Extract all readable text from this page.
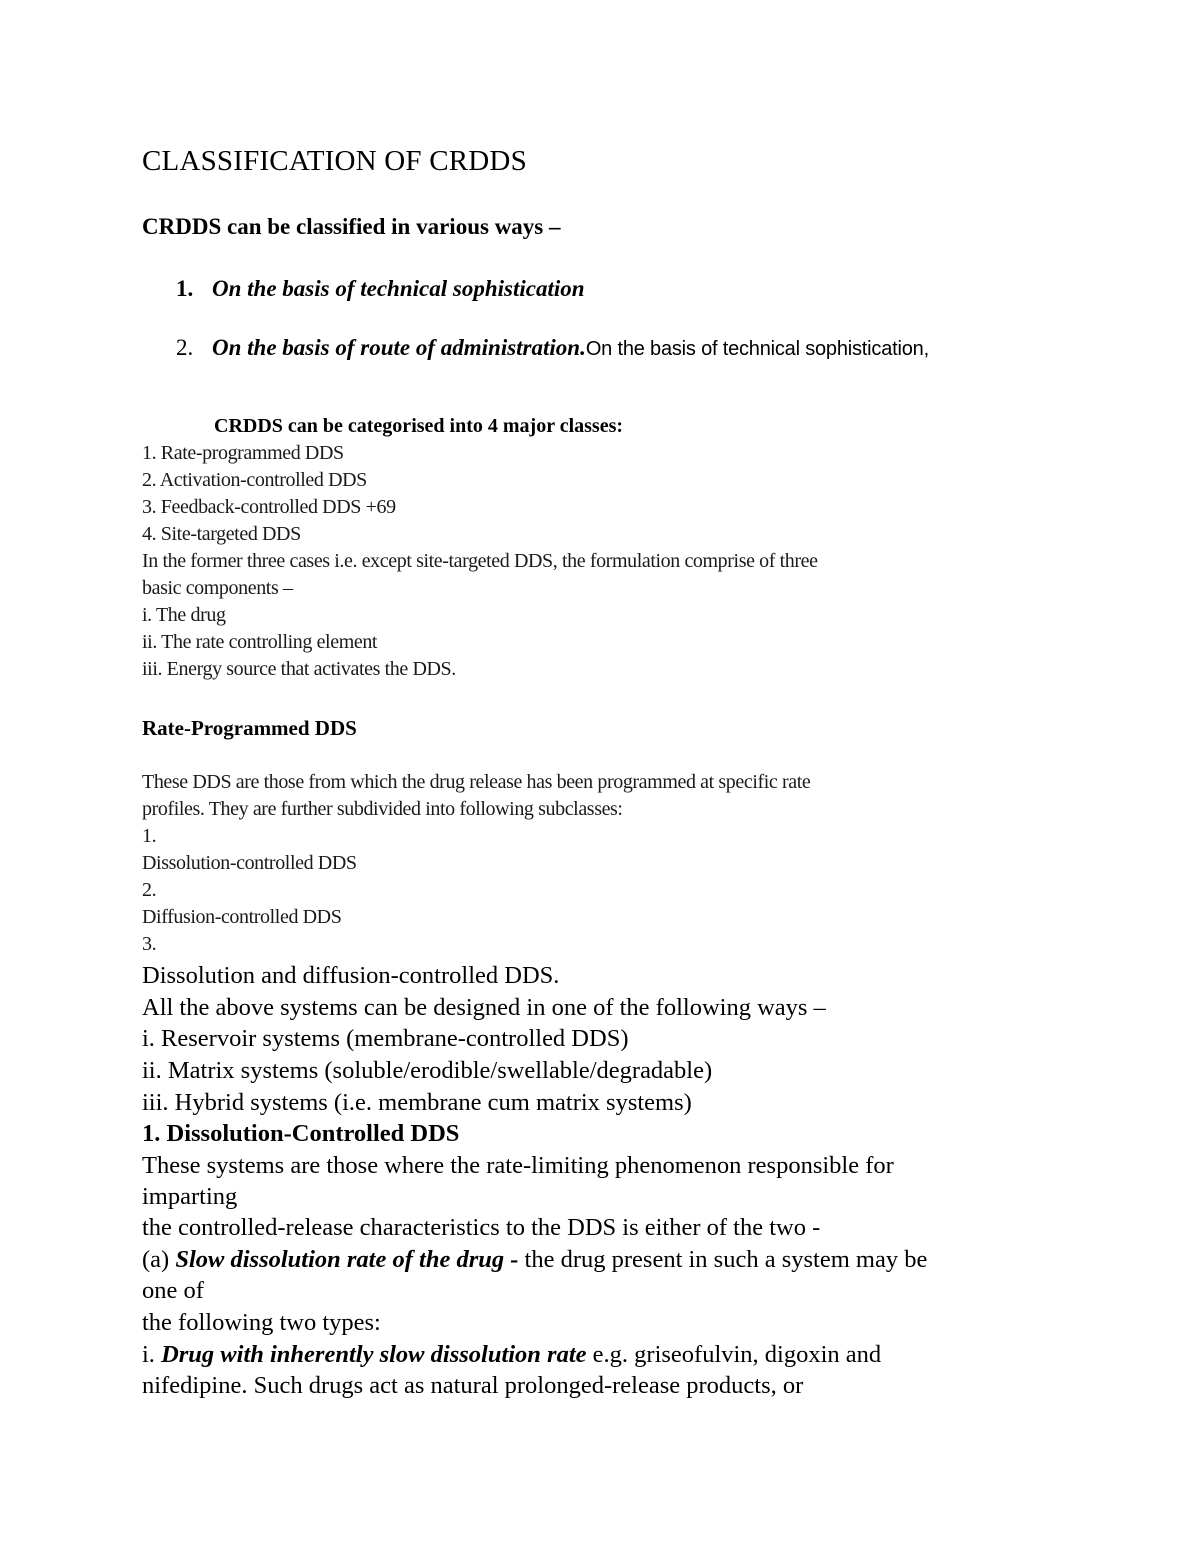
CLASSIFICATION OF CRDDS
CRDDS can be classified in various ways –
1. On the basis of technical sophistication
2. On the basis of route of administration.On the basis of technical sophistication,
CRDDS can be categorised into 4 major classes:
1. Rate-programmed DDS
2. Activation-controlled DDS
3. Feedback-controlled DDS +69
4. Site-targeted DDS
In the former three cases i.e. except site-targeted DDS, the formulation comprise of three
basic components –
i. The drug
ii. The rate controlling element
iii. Energy source that activates the DDS.
Rate-Programmed DDS
These DDS are those from which the drug release has been programmed at specific rate
profiles. They are further subdivided into following subclasses:
1.
Dissolution-controlled DDS
2.
Diffusion-controlled DDS
3.
Dissolution and diffusion-controlled DDS.
All the above systems can be designed in one of the following ways –
i. Reservoir systems (membrane-controlled DDS)
ii. Matrix systems (soluble/erodible/swellable/degradable)
iii. Hybrid systems (i.e. membrane cum matrix systems)
1. Dissolution-Controlled DDS
These systems are those where the rate-limiting phenomenon responsible for
imparting
the controlled-release characteristics to the DDS is either of the two -
(a) Slow dissolution rate of the drug - the drug present in such a system may be
one of
the following two types:
i. Drug with inherently slow dissolution rate e.g. griseofulvin, digoxin and
nifedipine. Such drugs act as natural prolonged-release products, or
